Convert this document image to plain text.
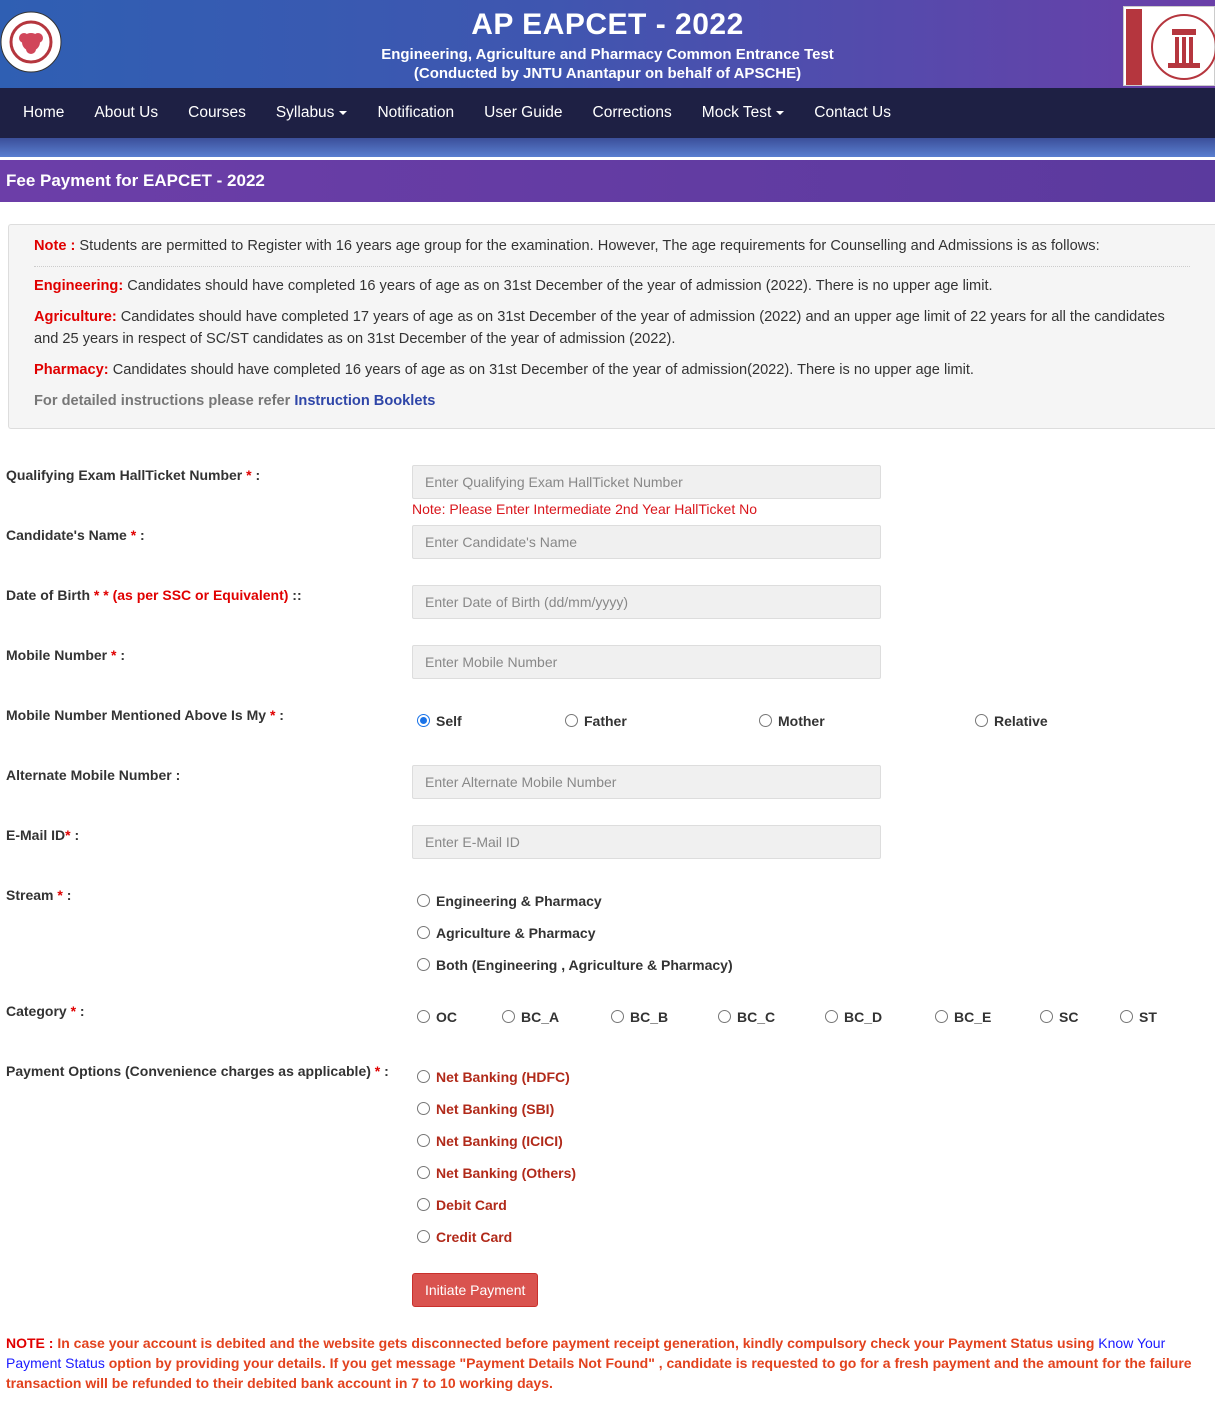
AP EAPCET - 2022
Engineering, Agriculture and Pharmacy Common Entrance Test
(Conducted by JNTU Anantapur on behalf of APSCHE)
Home	About Us	Courses	Syllabus	Notification	User Guide	Corrections	Mock Test	Contact Us
Fee Payment for EAPCET - 2022

Note : Students are permitted to Register with 16 years age group for the examination. However, The age requirements for Counselling and Admissions is as follows:

Engineering: Candidates should have completed 16 years of age as on 31st December of the year of admission (2022). There is no upper age limit.

Agriculture: Candidates should have completed 17 years of age as on 31st December of the year of admission (2022) and an upper age limit of 22 years for all the candidates and 25 years in respect of SC/ST candidates as on 31st December of the year of admission (2022).

Pharmacy: Candidates should have completed 16 years of age as on 31st December of the year of admission(2022). There is no upper age limit.

For detailed instructions please refer Instruction Booklets

Qualifying Exam HallTicket Number * :
Enter Qualifying Exam HallTicket Number
Note: Please Enter Intermediate 2nd Year HallTicket No
Candidate's Name * :
Enter Candidate's Name
Date of Birth * * (as per SSC or Equivalent) ::
Enter Date of Birth (dd/mm/yyyy)
Mobile Number * :
Enter Mobile Number
Mobile Number Mentioned Above Is My * :	Self	Father	Mother	Relative
Alternate Mobile Number :
Enter Alternate Mobile Number
E-Mail ID* :
Enter E-Mail ID
Stream * :	Engineering & Pharmacy
Agriculture & Pharmacy
Both (Engineering , Agriculture & Pharmacy)
Category * :	OC	BC_A	BC_B	BC_C	BC_D	BC_E	SC	ST
Payment Options (Convenience charges as applicable) * :	Net Banking (HDFC)
Net Banking (SBI)
Net Banking (ICICI)
Net Banking (Others)
Debit Card
Credit Card
Initiate Payment
NOTE : In case your account is debited and the website gets disconnected before payment receipt generation, kindly compulsory check your Payment Status using Know Your Payment Status option by providing your details. If you get message "Payment Details Not Found" , candidate is requested to go for a fresh payment and the amount for the failure transaction will be refunded to their debited bank account in 7 to 10 working days.
